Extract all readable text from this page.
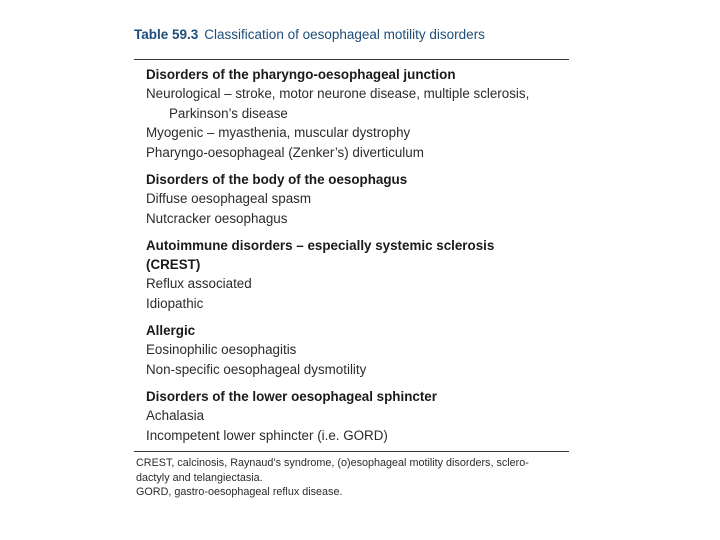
Table 59.3 Classification of oesophageal motility disorders
Disorders of the pharyngo-oesophageal junction
Neurological – stroke, motor neurone disease, multiple sclerosis,
Parkinson’s disease
Myogenic – myasthenia, muscular dystrophy
Pharyngo-oesophageal (Zenker’s) diverticulum
Disorders of the body of the oesophagus
Diffuse oesophageal spasm
Nutcracker oesophagus
Autoimmune disorders – especially systemic sclerosis
(CREST)
Reflux associated
Idiopathic
Allergic
Eosinophilic oesophagitis
Non-specific oesophageal dysmotility
Disorders of the lower oesophageal sphincter
Achalasia
Incompetent lower sphincter (i.e. GORD)
CREST, calcinosis, Raynaud’s syndrome, (o)esophageal motility disorders, sclero-
dactyly and telangiectasia.
GORD, gastro-oesophageal reflux disease.
